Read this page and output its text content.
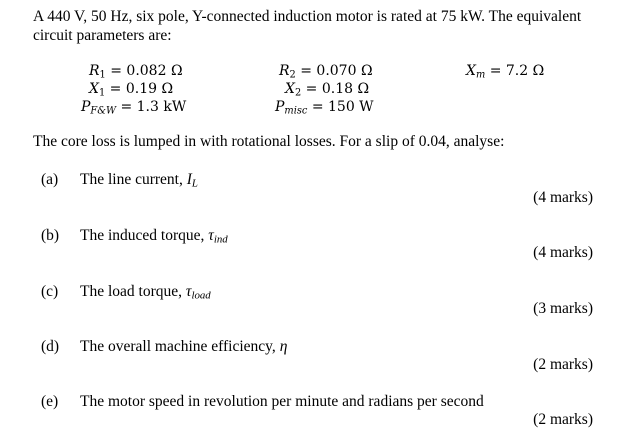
A 440 V, 50 Hz, six pole, Y-connected induction motor is rated at 75 kW. The equivalent
circuit parameters are:
$R_1 = 0.082$ Ω
$X_1 = 0.19$ Ω
$P_{F\&W} = 1.3$ kW
$R_2 = 0.070$ Ω
$X_2 = 0.18$ Ω
$P_{misc} = 150$ W
$X_m = 7.2$ Ω
The core loss is lumped in with rotational losses. For a slip of 0.04, analyse:
(a) The line current, $I_L$
(4 marks)
(b) The induced torque, $\tau_{ind}$
(4 marks)
(c) The load torque, $\tau_{load}$
(3 marks)
(d) The overall machine efficiency, η
(2 marks)
(e) The motor speed in revolution per minute and radians per second
(2 marks)
